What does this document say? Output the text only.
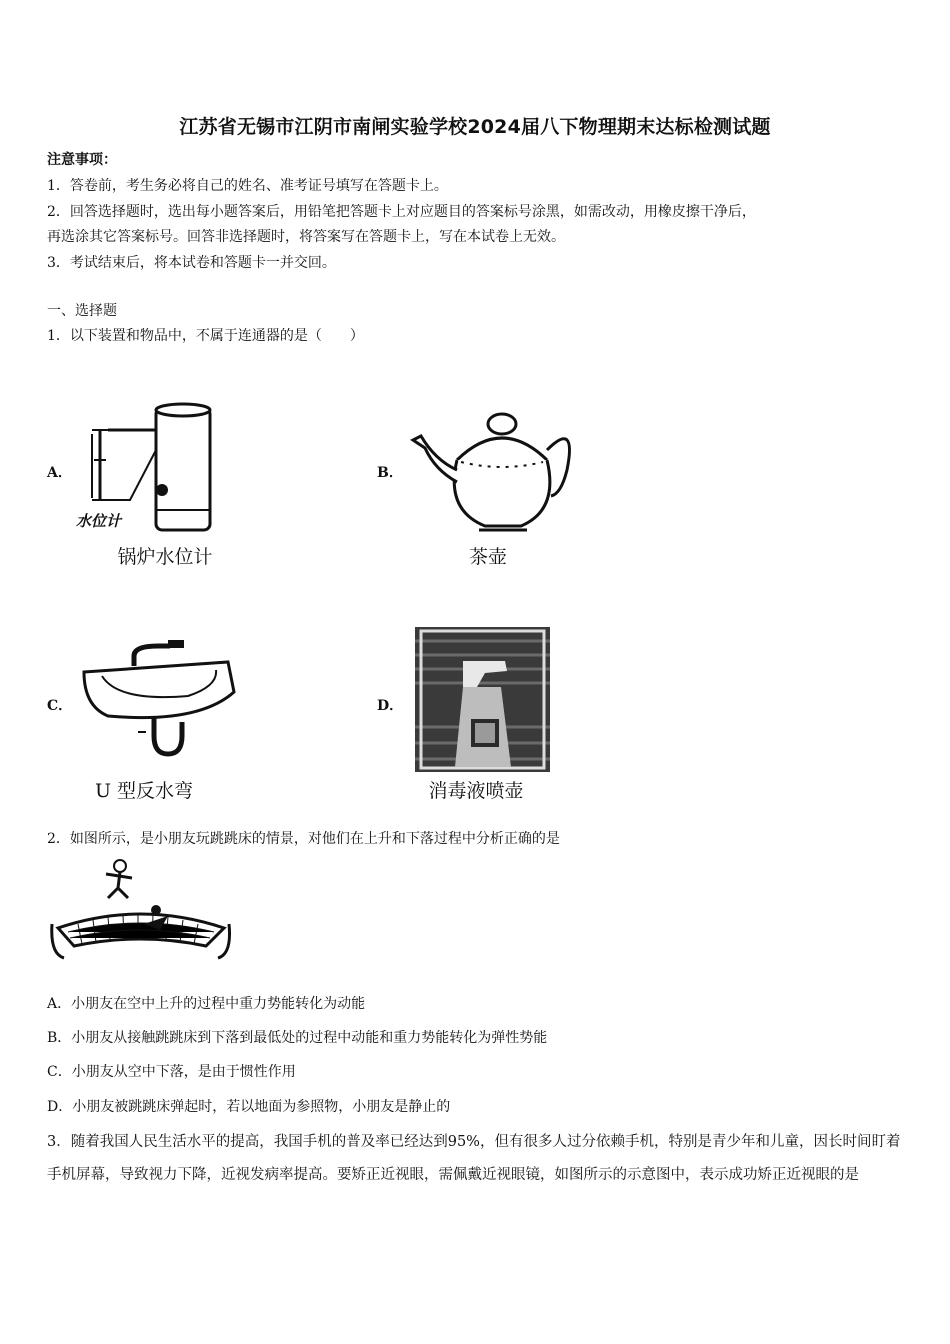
江苏省无锡市江阴市南闸实验学校2024届八下物理期末达标检测试题
注意事项：
1．答卷前，考生务必将自己的姓名、准考证号填写在答题卡上。
2．回答选择题时，选出每小题答案后，用铅笔把答题卡上对应题目的答案标号涂黑，如需改动，用橡皮擦干净后，
再选涂其它答案标号。回答非选择题时，将答案写在答题卡上，写在本试卷上无效。
3．考试结束后，将本试卷和答题卡一并交回。
一、选择题
1．以下装置和物品中，不属于连通器的是（　　）
A．
水位计
锅炉水位计
B．
茶壶
C．
U 型反水弯
D．
消毒液喷壶
2．如图所示，是小朋友玩跳跳床的情景，对他们在上升和下落过程中分析正确的是
A．小朋友在空中上升的过程中重力势能转化为动能
B．小朋友从接触跳跳床到下落到最低处的过程中动能和重力势能转化为弹性势能
C．小朋友从空中下落，是由于惯性作用
D．小朋友被跳跳床弹起时，若以地面为参照物，小朋友是静止的
3．随着我国人民生活水平的提高，我国手机的普及率已经达到95%，但有很多人过分依赖手机，特别是青少年和儿童，因长时间盯着手机屏幕，导致视力下降，近视发病率提高。要矫正近视眼，需佩戴近视眼镜，如图所示的示意图中，表示成功矫正近视眼的是
